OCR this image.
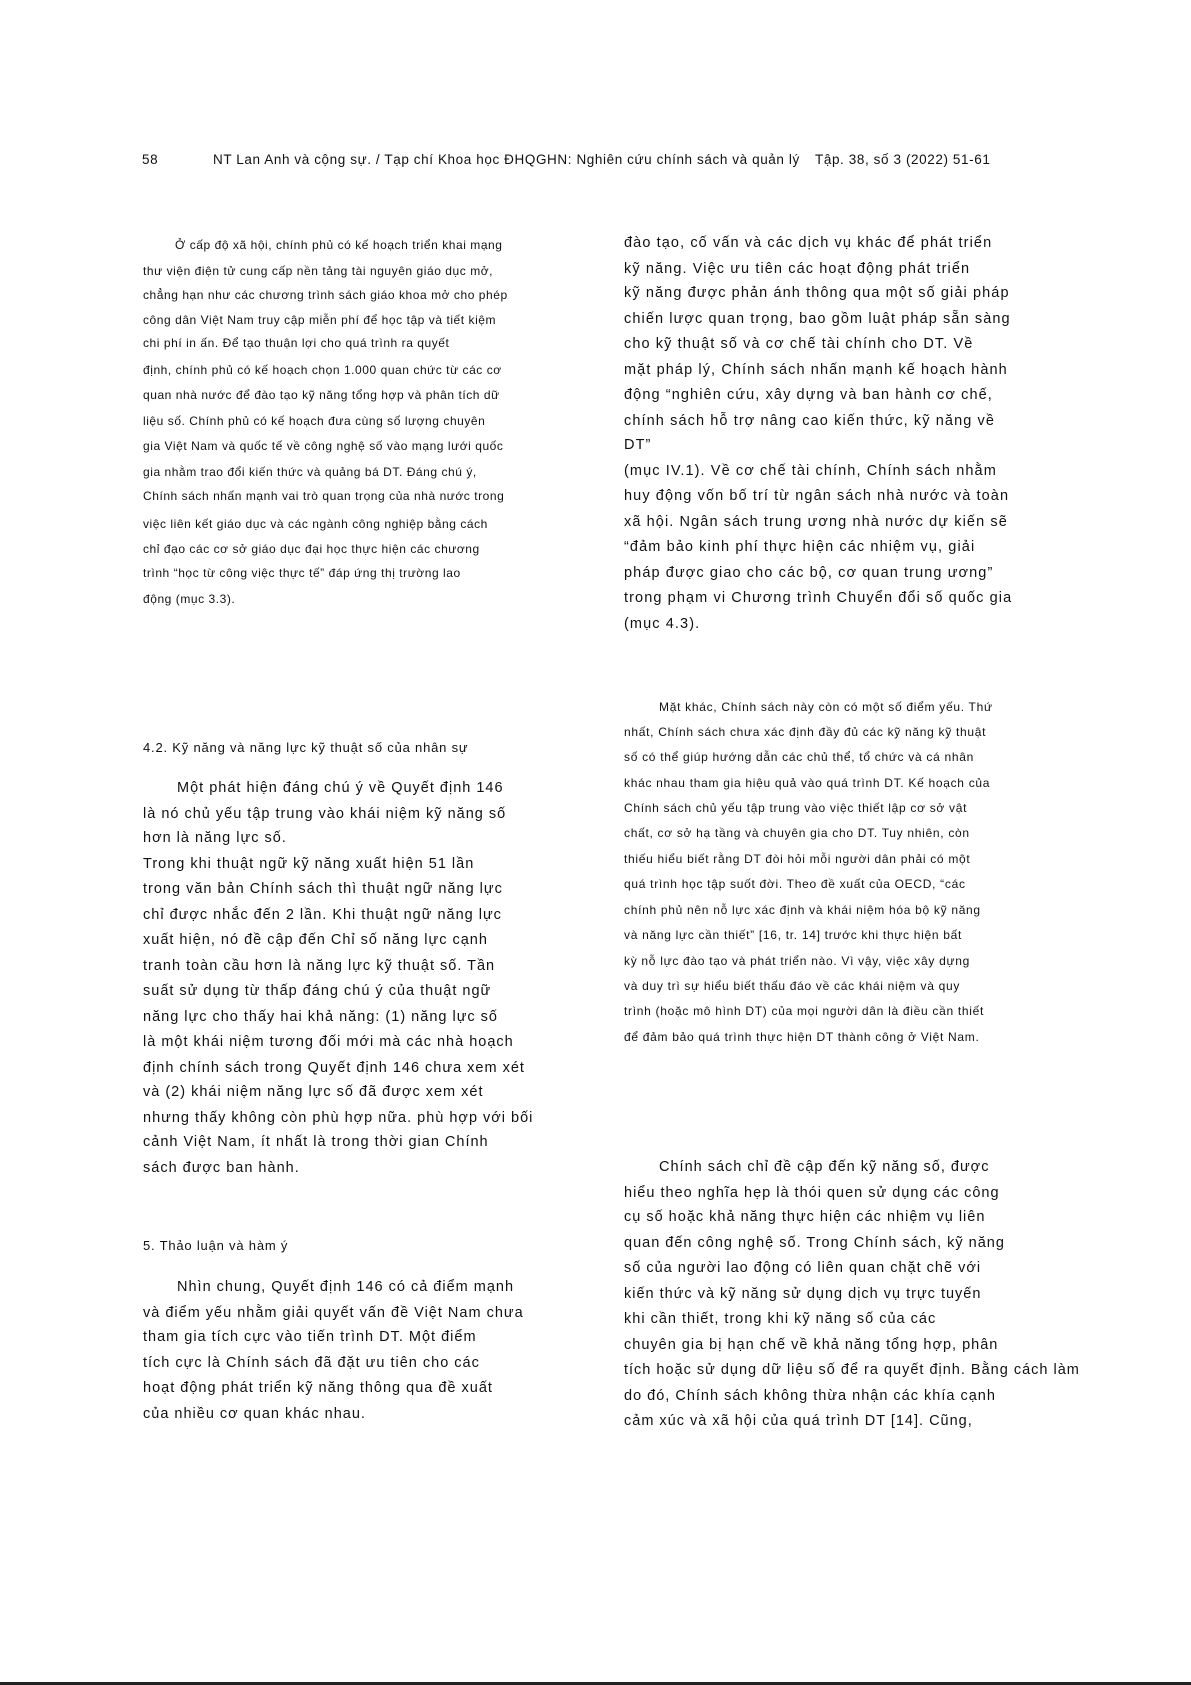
58	NT Lan Anh và cộng sự. / Tạp chí Khoa học ĐHQGHN: Nghiên cứu chính sách và quản lý Tập. 38, số 3 (2022) 51-61
Ở cấp độ xã hội, chính phủ có kế hoạch triển khai mạng
thư viện điện tử cung cấp nền tảng tài nguyên giáo dục mở,
chẳng hạn như các chương trình sách giáo khoa mở cho phép
công dân Việt Nam truy cập miễn phí để học tập và tiết kiệm
chi phí in ấn. Để tạo thuận lợi cho quá trình ra quyết
định, chính phủ có kế hoạch chọn 1.000 quan chức từ các cơ
quan nhà nước để đào tạo kỹ năng tổng hợp và phân tích dữ
liệu số. Chính phủ có kế hoạch đưa cùng số lượng chuyên
gia Việt Nam và quốc tế về công nghệ số vào mạng lưới quốc
gia nhằm trao đổi kiến thức và quảng bá DT. Đáng chú ý,
Chính sách nhấn mạnh vai trò quan trọng của nhà nước trong
việc liên kết giáo dục và các ngành công nghiệp bằng cách
chỉ đạo các cơ sở giáo dục đại học thực hiện các chương
trình “học từ công việc thực tế” đáp ứng thị trường lao
động (mục 3.3).
4.2. Kỹ năng và năng lực kỹ thuật số của nhân sự
Một phát hiện đáng chú ý về Quyết định 146
là nó chủ yếu tập trung vào khái niệm kỹ năng số
hơn là năng lực số.
Trong khi thuật ngữ kỹ năng xuất hiện 51 lần
trong văn bản Chính sách thì thuật ngữ năng lực
chỉ được nhắc đến 2 lần. Khi thuật ngữ năng lực
xuất hiện, nó đề cập đến Chỉ số năng lực cạnh
tranh toàn cầu hơn là năng lực kỹ thuật số. Tần
suất sử dụng từ thấp đáng chú ý của thuật ngữ
năng lực cho thấy hai khả năng: (1) năng lực số
là một khái niệm tương đối mới mà các nhà hoạch
định chính sách trong Quyết định 146 chưa xem xét
và (2) khái niệm năng lực số đã được xem xét
nhưng thấy không còn phù hợp nữa. phù hợp với bối
cảnh Việt Nam, ít nhất là trong thời gian Chính
sách được ban hành.
5. Thảo luận và hàm ý
Nhìn chung, Quyết định 146 có cả điểm mạnh
và điểm yếu nhằm giải quyết vấn đề Việt Nam chưa
tham gia tích cực vào tiến trình DT. Một điểm
tích cực là Chính sách đã đặt ưu tiên cho các
hoạt động phát triển kỹ năng thông qua đề xuất
của nhiều cơ quan khác nhau.
đào tạo, cố vấn và các dịch vụ khác để phát triển
kỹ năng. Việc ưu tiên các hoạt động phát triển
kỹ năng được phản ánh thông qua một số giải pháp
chiến lược quan trọng, bao gồm luật pháp sẵn sàng
cho kỹ thuật số và cơ chế tài chính cho DT. Về
mặt pháp lý, Chính sách nhấn mạnh kế hoạch hành
động “nghiên cứu, xây dựng và ban hành cơ chế,
chính sách hỗ trợ nâng cao kiến thức, kỹ năng về
DT”
(mục IV.1). Về cơ chế tài chính, Chính sách nhằm
huy động vốn bố trí từ ngân sách nhà nước và toàn
xã hội. Ngân sách trung ương nhà nước dự kiến sẽ
“đảm bảo kinh phí thực hiện các nhiệm vụ, giải
pháp được giao cho các bộ, cơ quan trung ương”
trong phạm vi Chương trình Chuyển đổi số quốc gia
(mục 4.3).
Mặt khác, Chính sách này còn có một số điểm yếu. Thứ
nhất, Chính sách chưa xác định đầy đủ các kỹ năng kỹ thuật
số có thể giúp hướng dẫn các chủ thể, tổ chức và cá nhân
khác nhau tham gia hiệu quả vào quá trình DT. Kế hoạch của
Chính sách chủ yếu tập trung vào việc thiết lập cơ sở vật
chất, cơ sở hạ tầng và chuyên gia cho DT. Tuy nhiên, còn
thiếu hiểu biết rằng DT đòi hỏi mỗi người dân phải có một
quá trình học tập suốt đời. Theo đề xuất của OECD, “các
chính phủ nên nỗ lực xác định và khái niệm hóa bộ kỹ năng
và năng lực cần thiết” [16, tr. 14] trước khi thực hiện bất
kỳ nỗ lực đào tạo và phát triển nào. Vì vậy, việc xây dựng
và duy trì sự hiểu biết thấu đáo về các khái niệm và quy
trình (hoặc mô hình DT) của mọi người dân là điều cần thiết
để đảm bảo quá trình thực hiện DT thành công ở Việt Nam.
Chính sách chỉ đề cập đến kỹ năng số, được
hiểu theo nghĩa hẹp là thói quen sử dụng các công
cụ số hoặc khả năng thực hiện các nhiệm vụ liên
quan đến công nghệ số. Trong Chính sách, kỹ năng
số của người lao động có liên quan chặt chẽ với
kiến thức và kỹ năng sử dụng dịch vụ trực tuyến
khi cần thiết, trong khi kỹ năng số của các
chuyên gia bị hạn chế về khả năng tổng hợp, phân
tích hoặc sử dụng dữ liệu số để ra quyết định. Bằng cách làm
do đó, Chính sách không thừa nhận các khía cạnh
cảm xúc và xã hội của quá trình DT [14]. Cũng,
